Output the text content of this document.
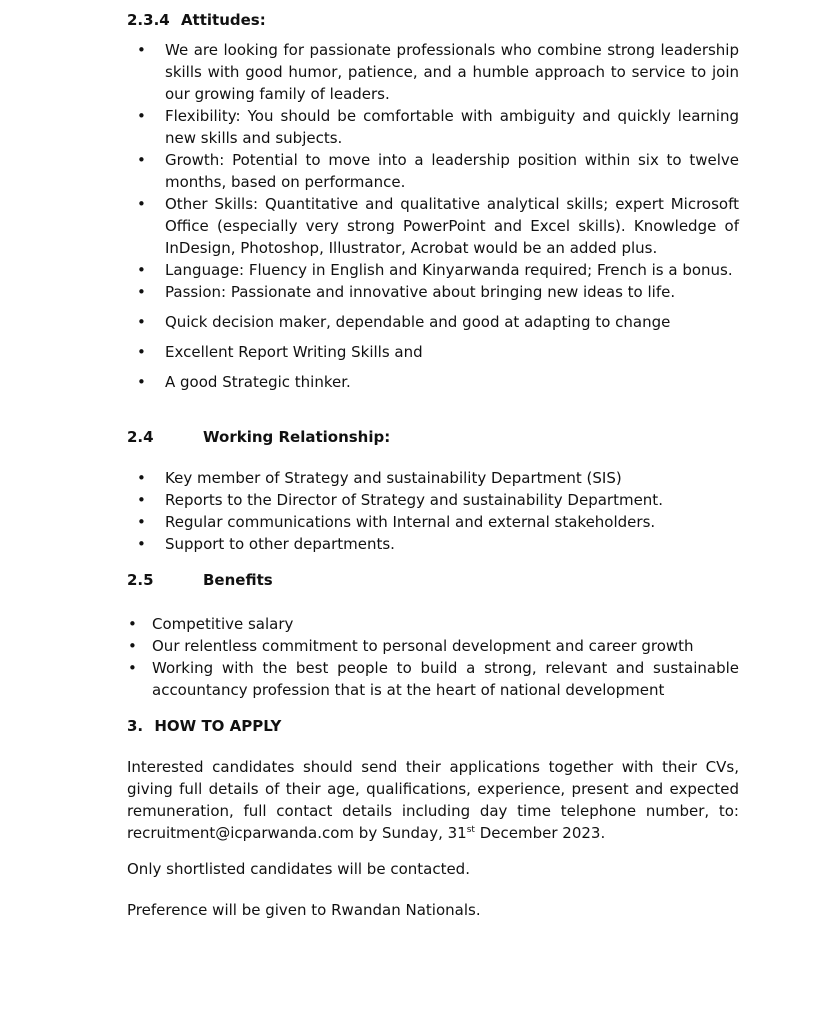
2.3.4 Attitudes:
• We are looking for passionate professionals who combine strong leadership skills with good humor, patience, and a humble approach to service to join our growing family of leaders.
• Flexibility: You should be comfortable with ambiguity and quickly learning new skills and subjects.
• Growth: Potential to move into a leadership position within six to twelve months, based on performance.
• Other Skills: Quantitative and qualitative analytical skills; expert Microsoft Office (especially very strong PowerPoint and Excel skills). Knowledge of InDesign, Photoshop, Illustrator, Acrobat would be an added plus.
• Language: Fluency in English and Kinyarwanda required; French is a bonus.
• Passion: Passionate and innovative about bringing new ideas to life.
• Quick decision maker, dependable and good at adapting to change
• Excellent Report Writing Skills and
• A good Strategic thinker.
2.4	Working Relationship:
• Key member of Strategy and sustainability Department (SIS)
• Reports to the Director of Strategy and sustainability Department.
• Regular communications with Internal and external stakeholders.
• Support to other departments.
2.5	Benefits
• Competitive salary
• Our relentless commitment to personal development and career growth
• Working with the best people to build a strong, relevant and sustainable accountancy profession that is at the heart of national development
3. HOW TO APPLY
Interested candidates should send their applications together with their CVs, giving full details of their age, qualifications, experience, present and expected remuneration, full contact details including day time telephone number, to: recruitment@icparwanda.com by Sunday, 31st December 2023.
Only shortlisted candidates will be contacted.
Preference will be given to Rwandan Nationals.
